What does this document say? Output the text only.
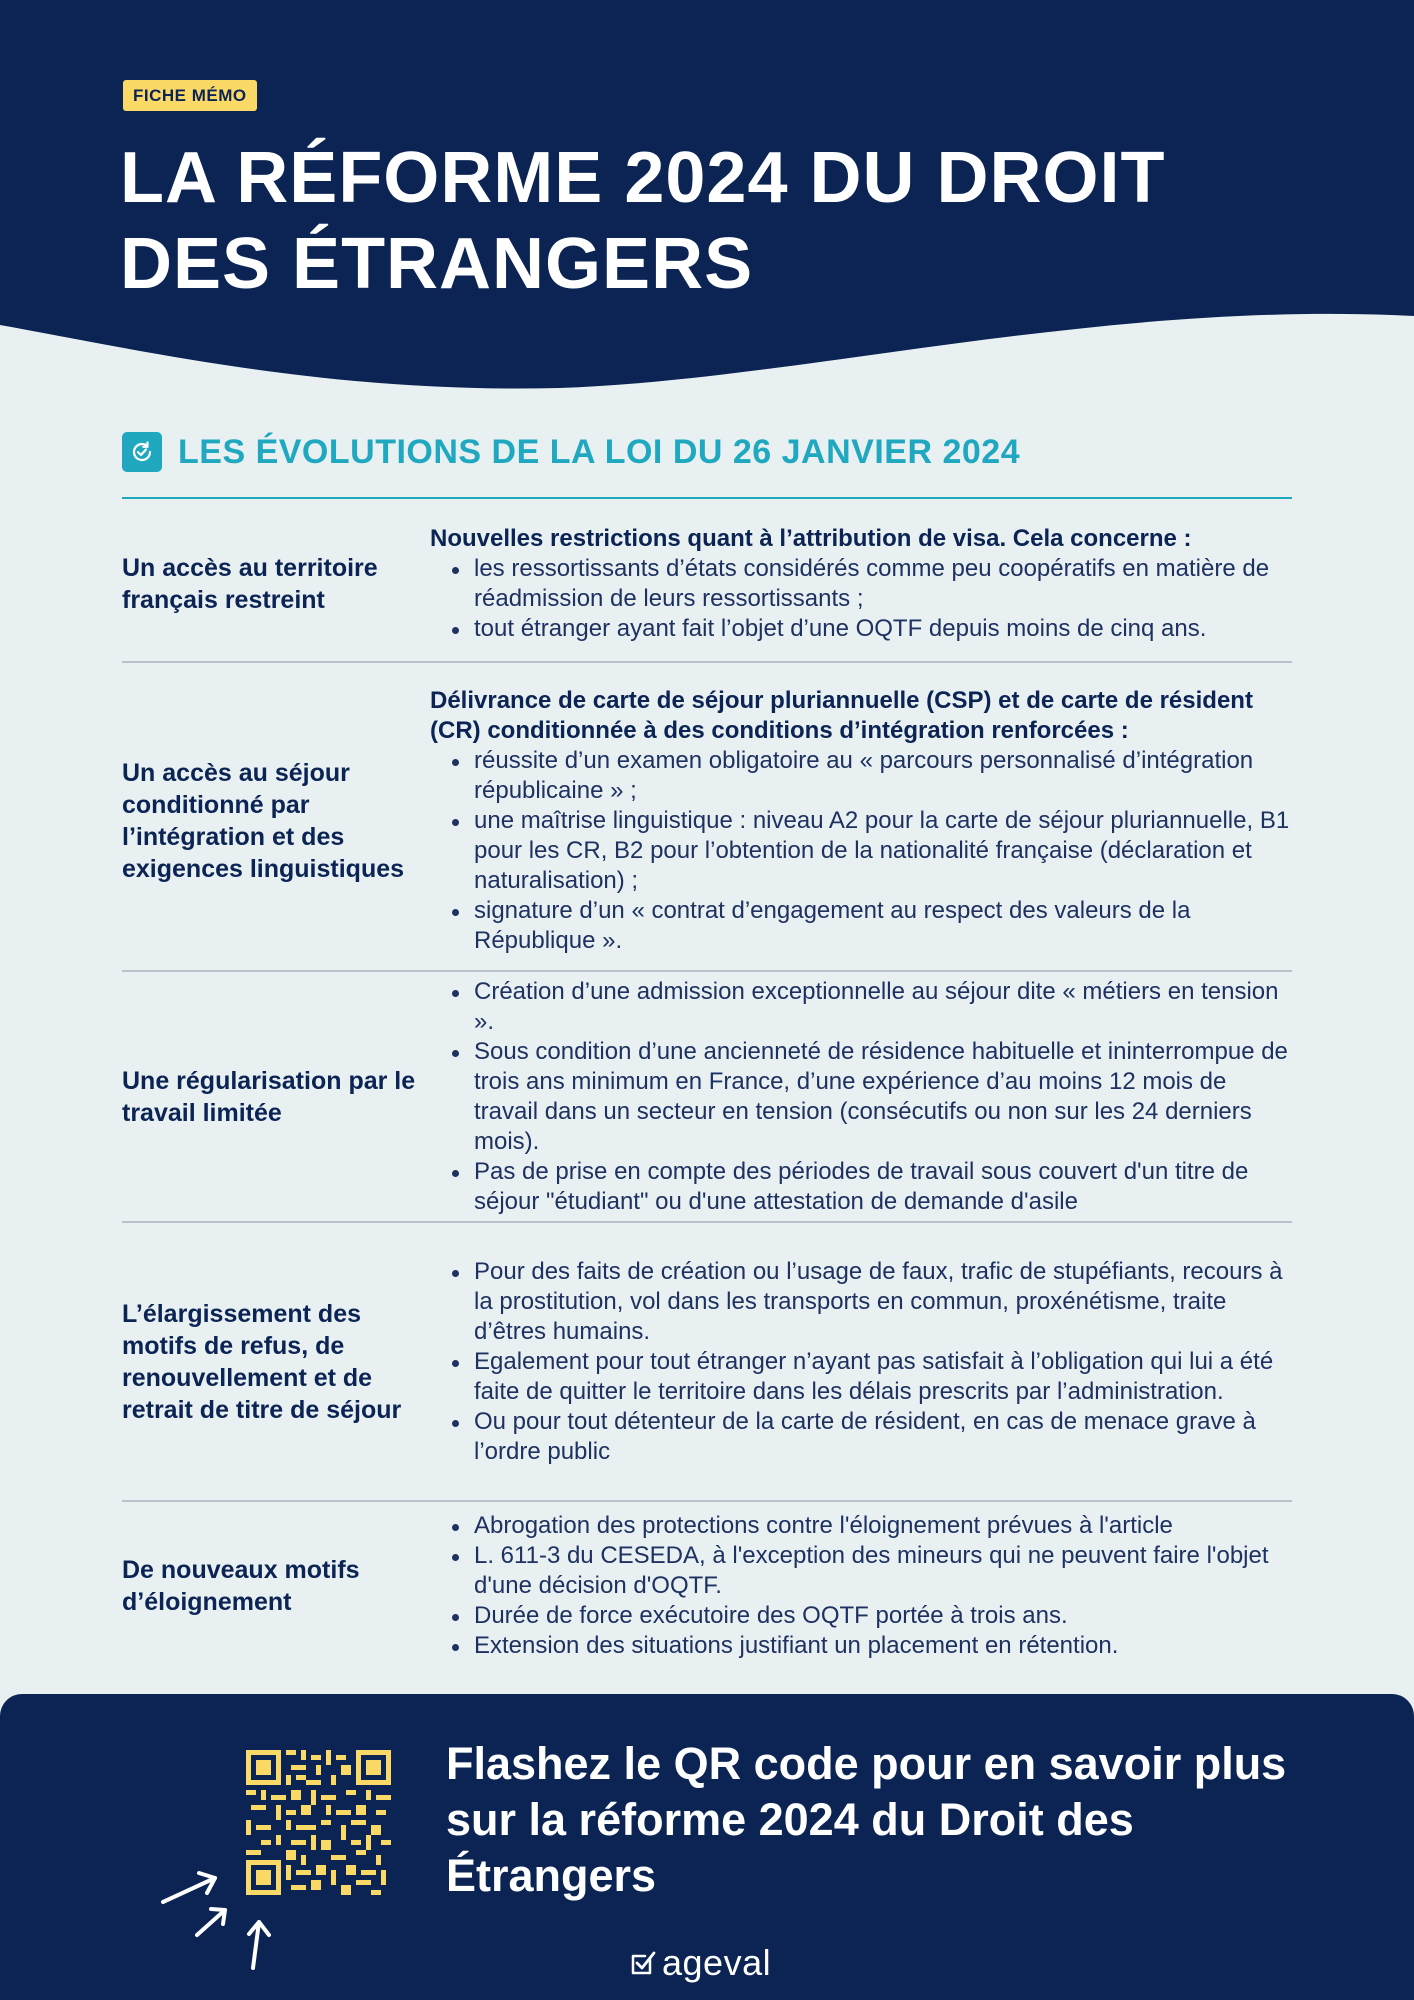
FICHE MÉMO
LA RÉFORME 2024 DU DROIT
DES ÉTRANGERS
LES ÉVOLUTIONS DE LA LOI DU 26 JANVIER 2024
Un accès au territoire français restreint

Nouvelles restrictions quant à l’attribution de visa. Cela concerne :

les ressortissants d’états considérés comme peu coopératifs en matière de réadmission de leurs ressortissants ;
tout étranger ayant fait l’objet d’une OQTF depuis moins de cinq ans.
Un accès au séjour conditionné par l’intégration et des exigences linguistiques

Délivrance de carte de séjour pluriannuelle (CSP) et de carte de résident (CR) conditionnée à des conditions d’intégration renforcées :

réussite d’un examen obligatoire au « parcours personnalisé d’intégration républicaine » ;
une maîtrise linguistique : niveau A2 pour la carte de séjour pluriannuelle, B1 pour les CR, B2 pour l’obtention de la nationalité française (déclaration et naturalisation) ;
signature d’un « contrat d’engagement au respect des valeurs de la République ».
Une régularisation par le travail limitée
Création d’une admission exceptionnelle au séjour dite « métiers en tension ».
Sous condition d’une ancienneté de résidence habituelle et ininterrompue de trois ans minimum en France, d’une expérience d’au moins 12 mois de travail dans un secteur en tension (consécutifs ou non sur les 24 derniers mois).
Pas de prise en compte des périodes de travail sous couvert d'un titre de séjour "étudiant" ou d'une attestation de demande d'asile
L’élargissement des motifs de refus, de renouvellement et de retrait de titre de séjour
Pour des faits de création ou l’usage de faux, trafic de stupéfiants, recours à la prostitution, vol dans les transports en commun, proxénétisme, traite d’êtres humains.
Egalement pour tout étranger n’ayant pas satisfait à l’obligation qui lui a été faite de quitter le territoire dans les délais prescrits par l’administration.
Ou pour tout détenteur de la carte de résident, en cas de menace grave à l’ordre public
De nouveaux motifs d’éloignement
Abrogation des protections contre l'éloignement prévues à l'article
L. 611-3 du CESEDA, à l'exception des mineurs qui ne peuvent faire l'objet d'une décision d'OQTF.
Durée de force exécutoire des OQTF portée à trois ans.
Extension des situations justifiant un placement en rétention.
Flashez le QR code pour en savoir plus sur la réforme 2024 du Droit des Étrangers
ageval
